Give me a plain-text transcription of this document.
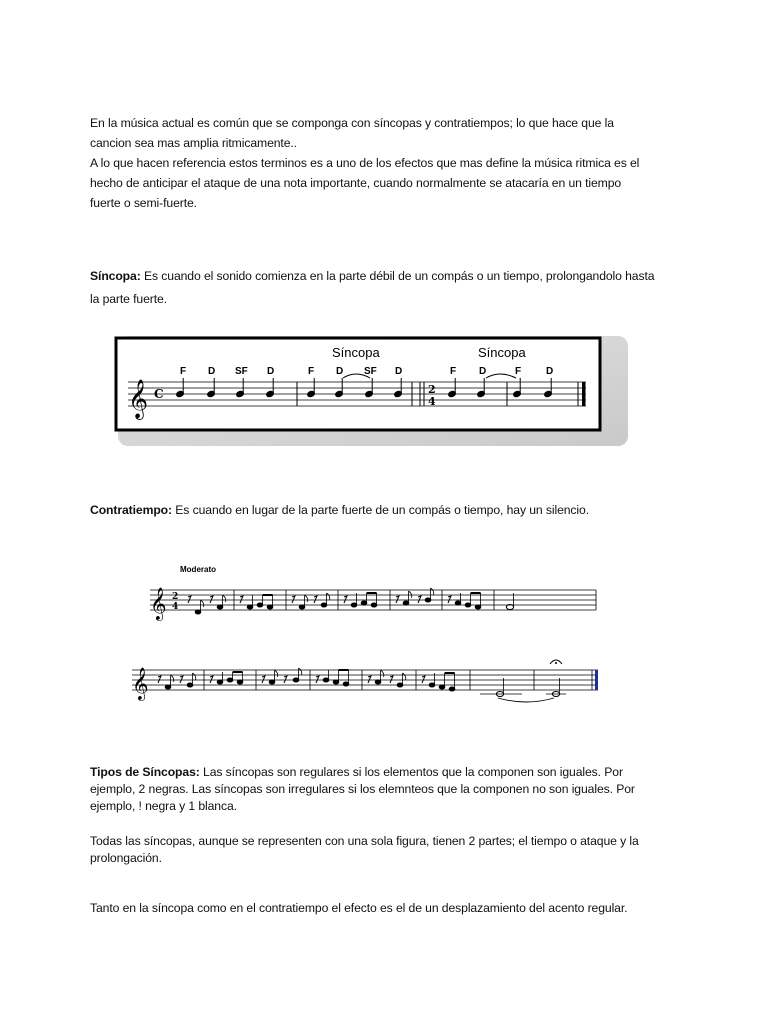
En la música actual es común que se componga con síncopas y contratiempos; lo que hace que la
cancion sea mas amplia ritmicamente..
A lo que hacen referencia estos terminos es a uno de los efectos que mas define la música ritmica es el
hecho de anticipar el ataque de una nota importante, cuando normalmente se atacaría en un tiempo
fuerte o semi-fuerte.
Síncopa: Es cuando el sonido comienza en la parte débil de un compás o un tiempo, prolongandolo hasta
la parte fuerte.
Síncopa	Síncopa
F D SF D	F D SF D	F D	F D
𝄞 C	2
4
Contratiempo: Es cuando en lugar de la parte fuerte de un compás o tiempo, hay un silencio.
Moderato
𝄞 2
4
𝄞
Tipos de Síncopas: Las síncopas son regulares si los elementos que la componen son iguales. Por
ejemplo, 2 negras. Las síncopas son irregulares si los elemnteos que la componen no son iguales. Por
ejemplo, ! negra y 1 blanca.
Todas las síncopas, aunque se representen con una sola figura, tienen 2 partes; el tiempo o ataque y la
prolongación.
Tanto en la síncopa como en el contratiempo el efecto es el de un desplazamiento del acento regular.
